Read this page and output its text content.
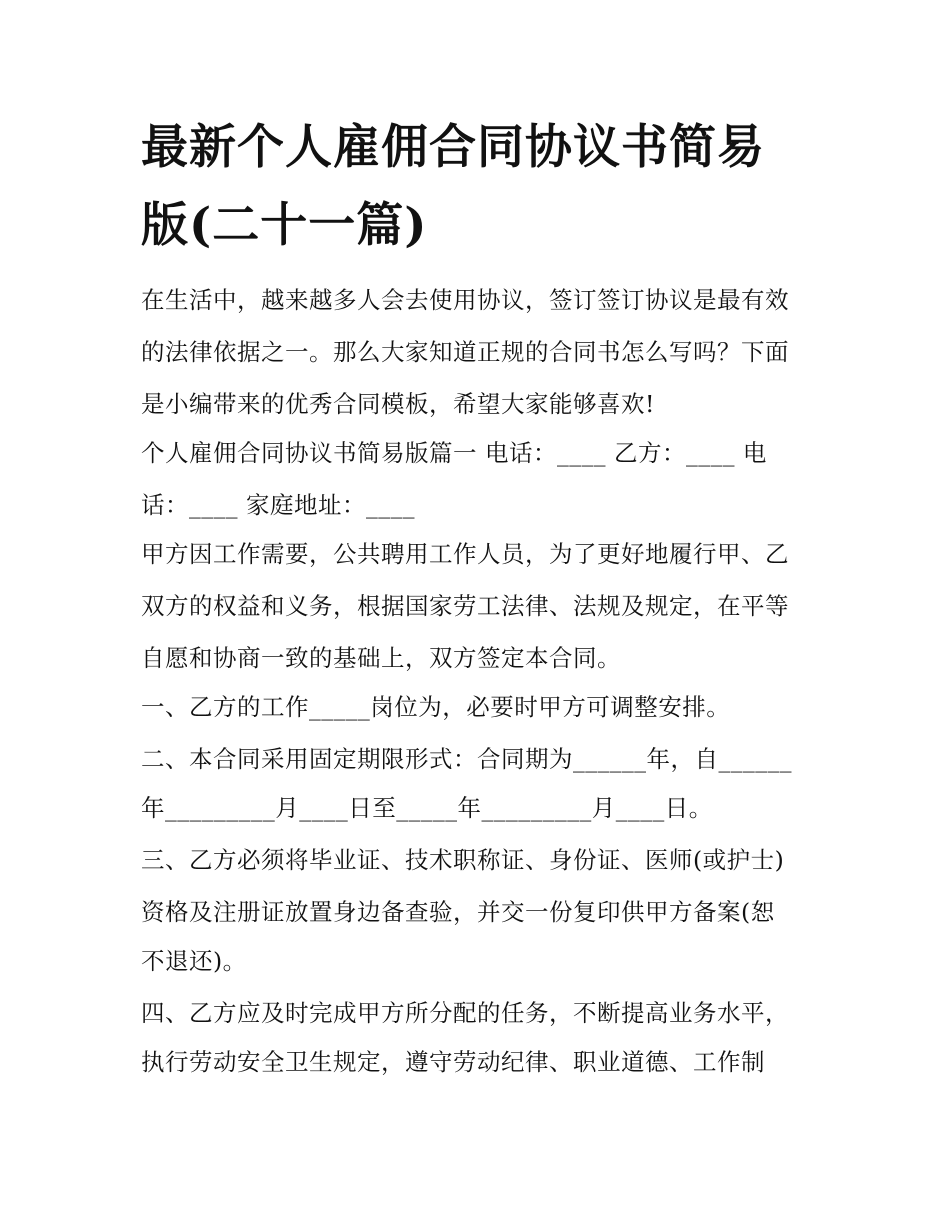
最新个人雇佣合同协议书简易
版(二十一篇)

在生活中，越来越多人会去使用协议，签订签订协议是最有效

的法律依据之一。那么大家知道正规的合同书怎么写吗？下面

是小编带来的优秀合同模板，希望大家能够喜欢!

个人雇佣合同协议书简易版篇一 电话：____ 乙方：____ 电

话：____ 家庭地址：____

甲方因工作需要，公共聘用工作人员，为了更好地履行甲、乙

双方的权益和义务，根据国家劳工法律、法规及规定，在平等

自愿和协商一致的基础上，双方签定本合同。

一、乙方的工作_____岗位为，必要时甲方可调整安排。

二、本合同采用固定期限形式：合同期为______年，自______

年_________月____日至_____年_________月____日。

三、乙方必须将毕业证、技术职称证、身份证、医师(或护士)

资格及注册证放置身边备查验，并交一份复印供甲方备案(恕

不退还)。

四、乙方应及时完成甲方所分配的任务，不断提高业务水平，

执行劳动安全卫生规定，遵守劳动纪律、职业道德、工作制
